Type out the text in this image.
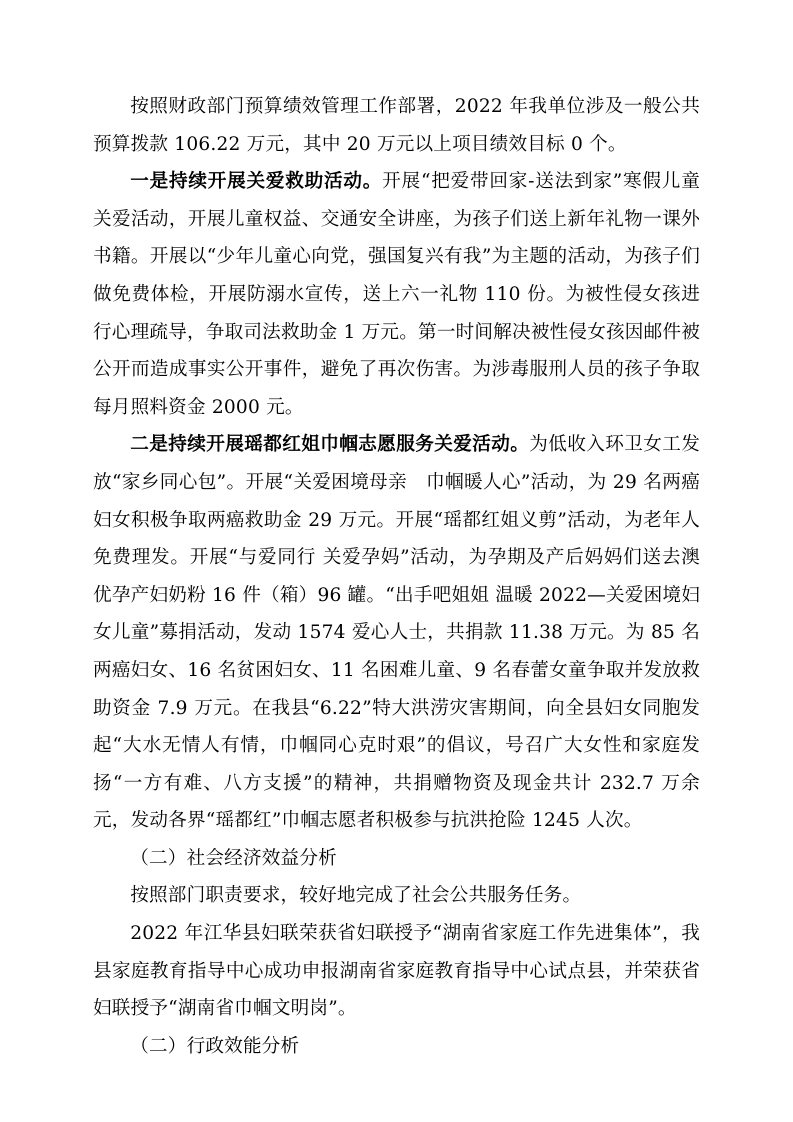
按照财政部门预算绩效管理工作部署，2022 年我单位涉及一般公共预算拨款 106.22 万元，其中 20 万元以上项目绩效目标 0 个。

一是持续开展关爱救助活动。开展“把爱带回家-送法到家”寒假儿童关爱活动，开展儿童权益、交通安全讲座，为孩子们送上新年礼物一课外书籍。开展以“少年儿童心向党，强国复兴有我”为主题的活动，为孩子们做免费体检，开展防溺水宣传，送上六一礼物 110 份。为被性侵女孩进行心理疏导，争取司法救助金 1 万元。第一时间解决被性侵女孩因邮件被公开而造成事实公开事件，避免了再次伤害。为涉毒服刑人员的孩子争取每月照料资金 2000 元。

二是持续开展瑶都红姐巾帼志愿服务关爱活动。为低收入环卫女工发放“家乡同心包”。开展“关爱困境母亲　巾帼暖人心”活动，为 29 名两癌妇女积极争取两癌救助金 29 万元。开展“瑶都红姐义剪”活动，为老年人免费理发。开展“与爱同行 关爱孕妈”活动，为孕期及产后妈妈们送去澳优孕产妇奶粉 16 件（箱）96 罐。“出手吧姐姐 温暖 2022—关爱困境妇女儿童”募捐活动，发动 1574 爱心人士，共捐款 11.38 万元。为 85 名两癌妇女、16 名贫困妇女、11 名困难儿童、9 名春蕾女童争取并发放救助资金 7.9 万元。在我县“6.22”特大洪涝灾害期间，向全县妇女同胞发起“大水无情人有情，巾帼同心克时艰”的倡议，号召广大女性和家庭发扬“一方有难、八方支援”的精神，共捐赠物资及现金共计 232.7 万余元，发动各界“瑶都红”巾帼志愿者积极参与抗洪抢险 1245 人次。

（二）社会经济效益分析

按照部门职责要求，较好地完成了社会公共服务任务。

2022 年江华县妇联荣获省妇联授予“湖南省家庭工作先进集体”，我县家庭教育指导中心成功申报湖南省家庭教育指导中心试点县，并荣获省妇联授予“湖南省巾帼文明岗”。

（二）行政效能分析
